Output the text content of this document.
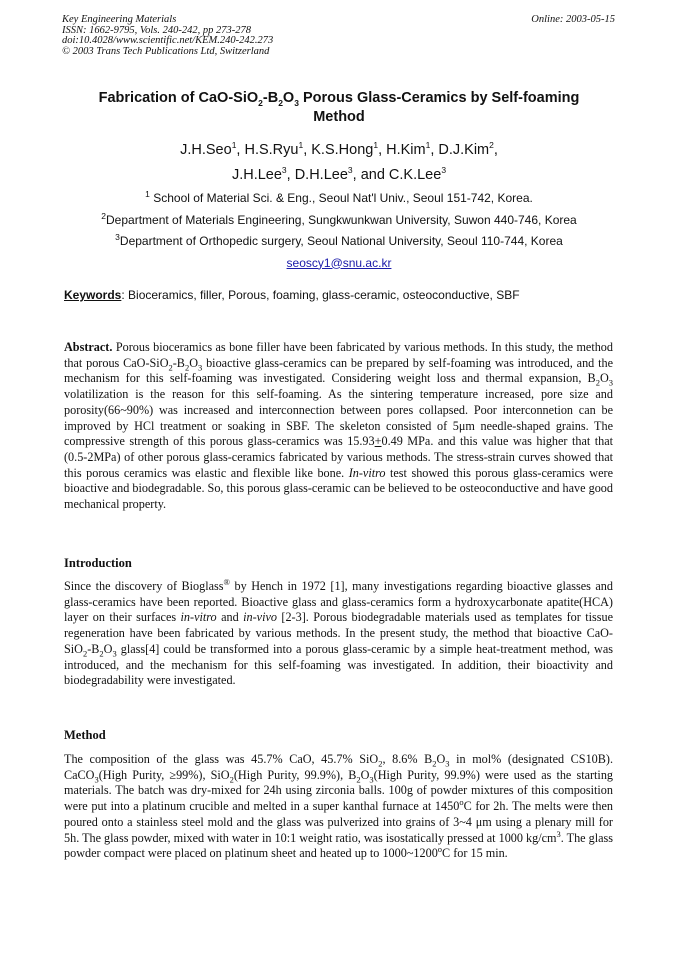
Key Engineering Materials
ISSN: 1662-9795, Vols. 240-242, pp 273-278
doi:10.4028/www.scientific.net/KEM.240-242.273
© 2003 Trans Tech Publications Ltd, Switzerland
Online: 2003-05-15
Fabrication of CaO-$SiO_2-B_2O_3$ Porous Glass-Ceramics by Self-foaming
Method
J.H.Seo$^1$, H.S.Ryu$^1$, K.S.Hong$^1$, H.Kim$^1$, D.J.Kim$^2$,
J.H.Lee$^3$, D.H.Lee$^3$, and C.K.Lee$^3$
$^1$ School of Material Sci. & Eng., Seoul Nat'l Univ., Seoul 151-742, Korea.
$^2$Department of Materials Engineering, Sungkwunkwan University, Suwon 440-746, Korea
$^3$Department of Orthopedic surgery, Seoul National University, Seoul 110-744, Korea
seoscy1@snu.ac.kr
Keywords: Bioceramics, filler, Porous, foaming, glass-ceramic, osteoconductive, SBF
Abstract. Porous bioceramics as bone filler have been fabricated by various methods. In this study, the method that porous CaO-$SiO_2-B_2O_3$ bioactive glass-ceramics can be prepared by self-foaming was introduced, and the mechanism for this self-foaming was investigated. Considering weight loss and thermal expansion, $B_2O_3$ volatilization is the reason for this self-foaming. As the sintering temperature increased, pore size and porosity(66~90%) was increased and interconnection between pores collapsed. Poor interconnetion can be improved by HCl treatment or soaking in SBF. The skeleton consisted of 5μm needle-shaped grains. The compressive strength of this porous glass-ceramics was 15.93+0.49 MPa. and this value was higher that that (0.5-2MPa) of other porous glass-ceramics fabricated by various methods. The stress-strain curves showed that this porous ceramics was elastic and flexible like bone. In-vitro test showed this porous glass-ceramics were bioactive and biodegradable. So, this porous glass-ceramic can be believed to be osteoconductive and have good mechanical property.
Introduction
Since the discovery of Bioglass® by Hench in 1972 [1], many investigations regarding bioactive glasses and glass-ceramics have been reported. Bioactive glass and glass-ceramics form a hydroxycarbonate apatite(HCA) layer on their surfaces in-vitro and in-vivo [2-3]. Porous biodegradable materials used as templates for tissue regeneration have been fabricated by various methods. In the present study, the method that bioactive CaO-$SiO_2-B_2O_3$ glass[4] could be transformed into a porous glass-ceramic by a simple heat-treatment method, was introduced, and the mechanism for this self-foaming was investigated. In addition, their bioactivity and biodegradability were investigated.
Method
The composition of the glass was 45.7% CaO, 45.7% SiO$_2$, 8.6% $B_2O_3$ in mol% (designated CS10B). CaCO$_3$(High Purity, ≥99%), SiO$_2$(High Purity, 99.9%), $B_2O_3(High$ Purity, 99.9%) were used as the starting materials. The batch was dry-mixed for 24h using zirconia balls. 100g of powder mixtures of this composition were put into a platinum crucible and melted in a super kanthal furnace at 1450$^o$C for 2h. The melts were then poured onto a stainless steel mold and the glass was pulverized into grains of 3~4 μm using a plenary mill for 5h. The glass powder, mixed with water in 10:1 weight ratio, was isostatically pressed at 1000 $kg/cm^3$. The glass powder compact were placed on platinum sheet and heated up to 1000~1200$^o$C for 15 min.
